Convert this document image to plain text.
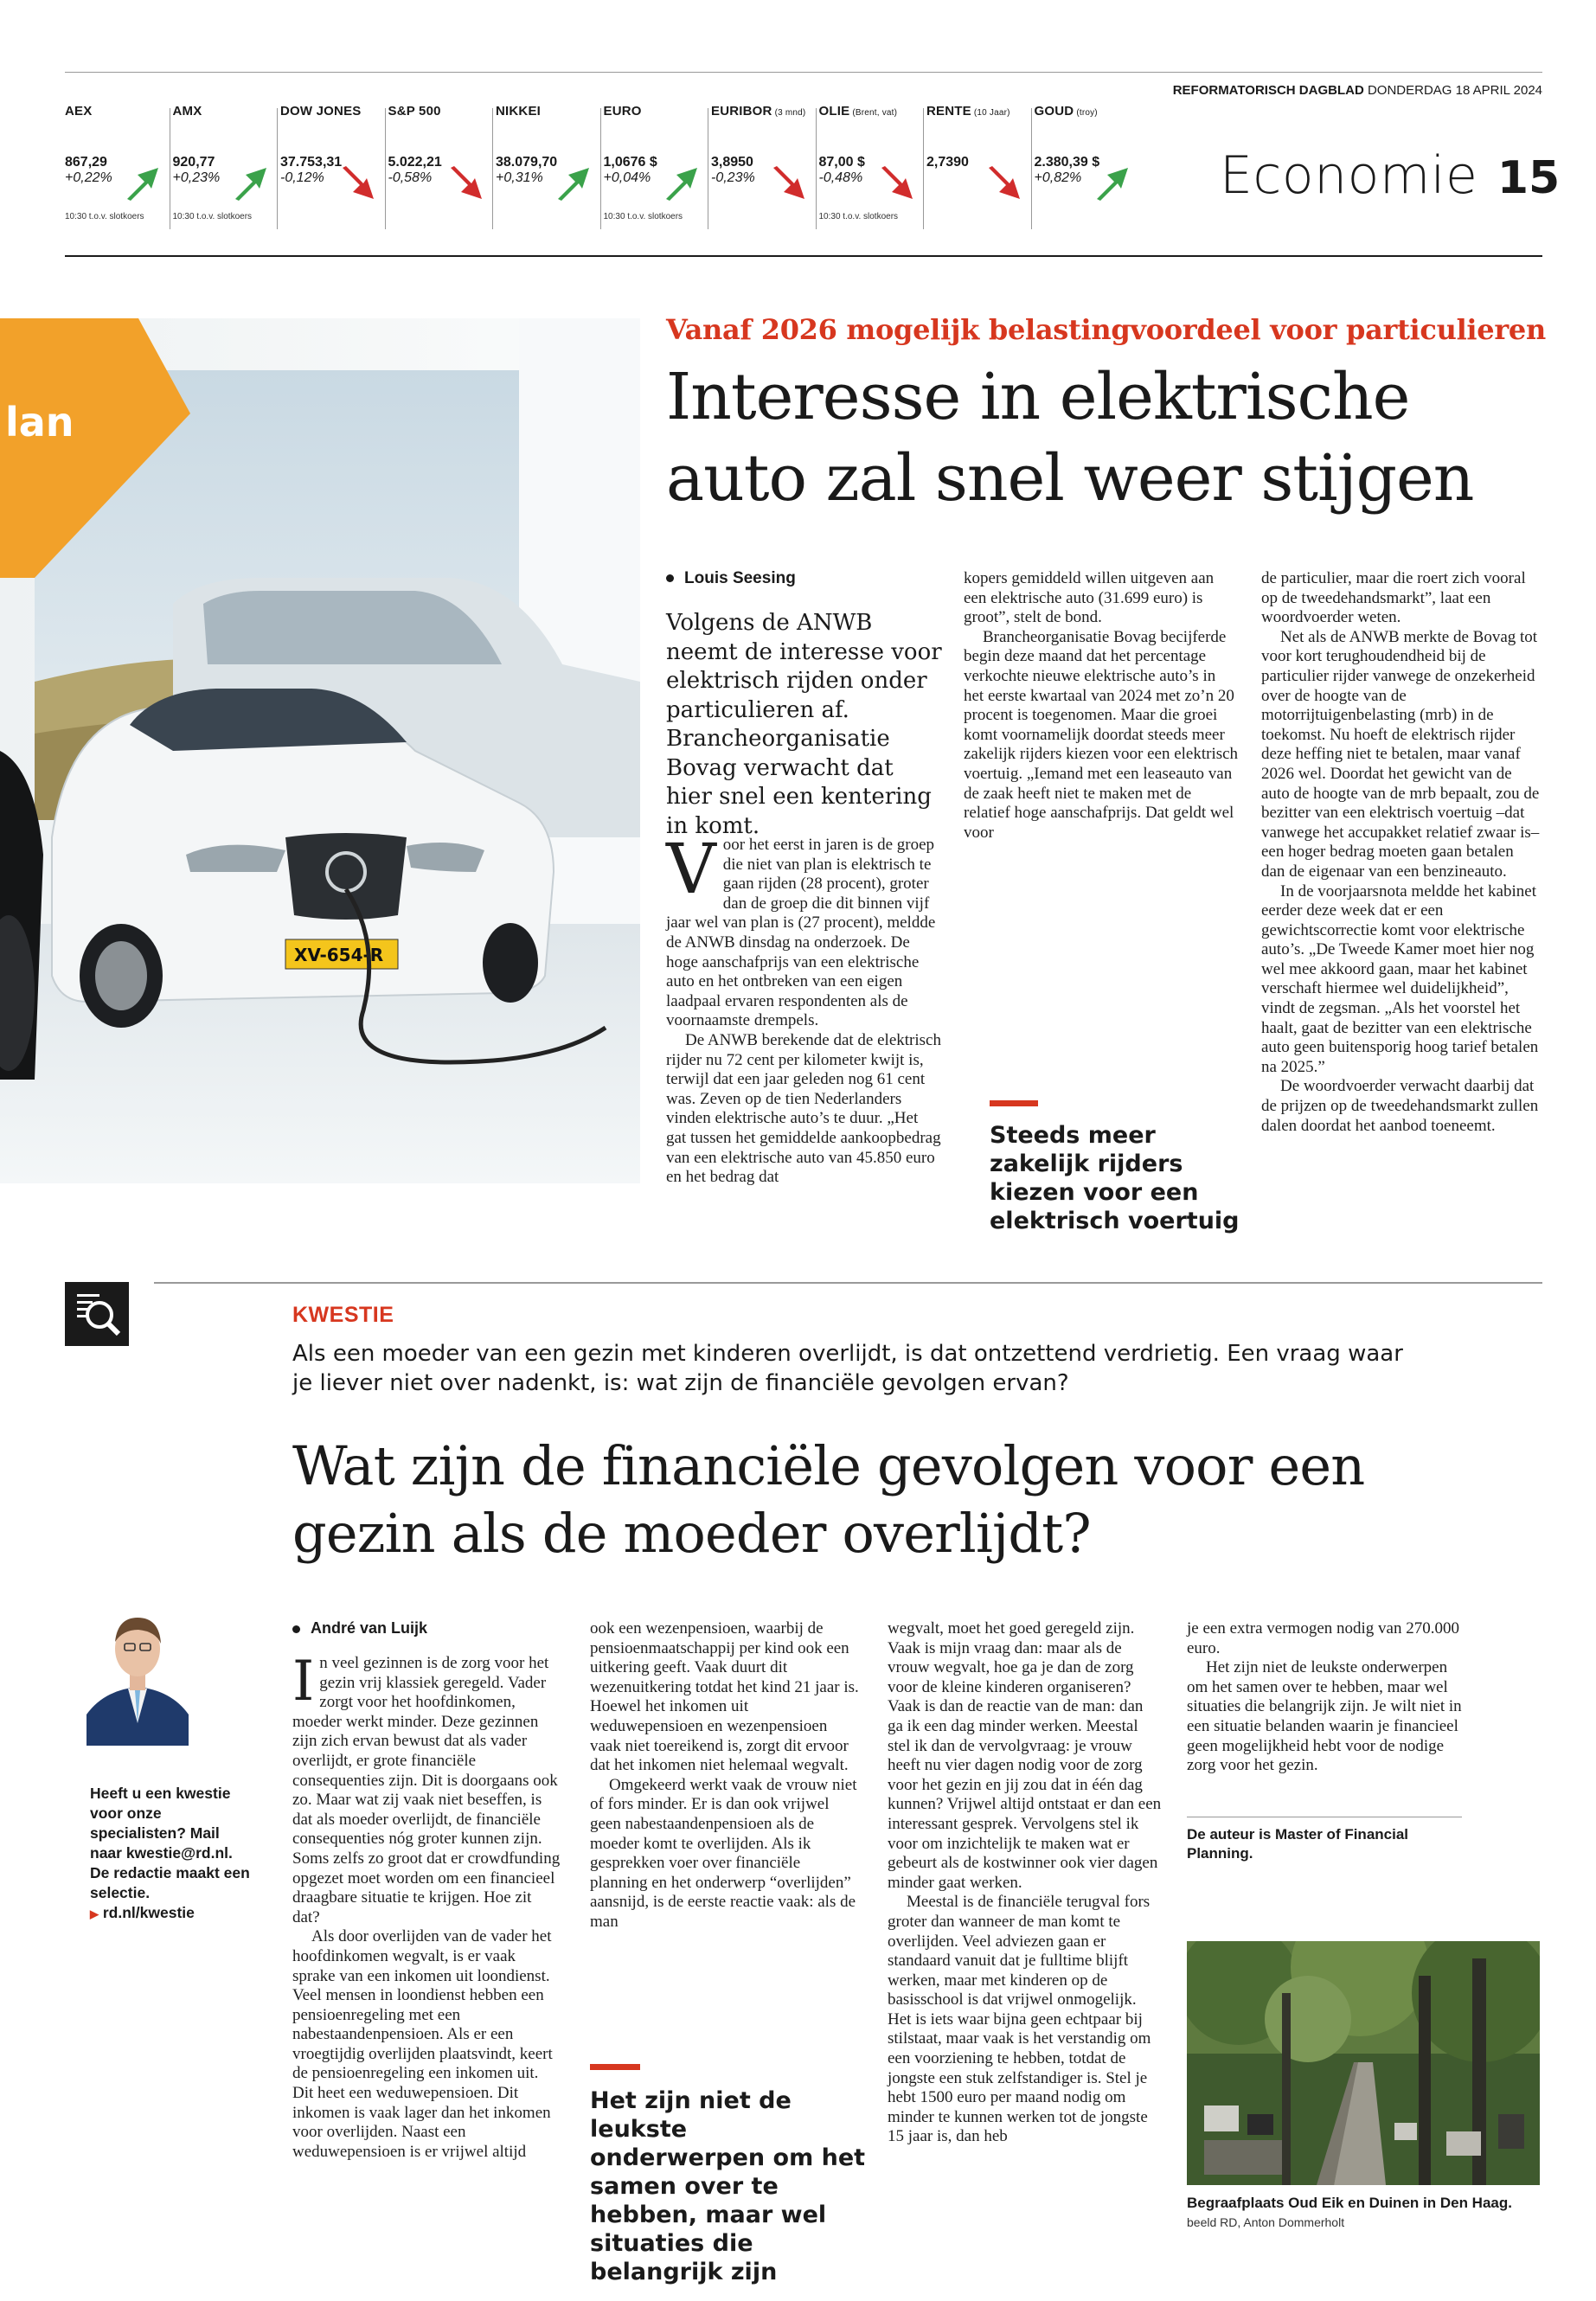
REFORMATORISCH DAGBLAD DONDERDAG 18 APRIL 2024
Economie 15
AEX
867,29
+0,22%
10:30 t.o.v. slotkoers
AMX
920,77
+0,23%
10:30 t.o.v. slotkoers
DOW JONES
37.753,31
-0,12%
S&P 500
5.022,21
-0,58%
NIKKEI
38.079,70
+0,31%
EURO
1,0676 $
+0,04%
10:30 t.o.v. slotkoers
EURIBOR (3 mnd)
3,8950
-0,23%
OLIE (Brent, vat)
87,00 $
-0,48%
10:30 t.o.v. slotkoers
RENTE (10 Jaar)
2,7390
GOUD (troy)
2.380,39 $
+0,82%
lan
XV-654-R
Vanaf 2026 mogelijk belastingvoordeel voor particulieren
Interesse in elektrische
auto zal snel weer stijgen
Louis Seesing
Volgens de ANWB neemt de interesse voor elektrisch rijden onder particulieren af. Brancheorganisatie Bovag verwacht dat hier snel een kentering in komt.

Voor het eerst in jaren is de groep die niet van plan is elektrisch te gaan rijden (28 procent), groter dan de groep die dit binnen vijf jaar wel van plan is (27 procent), meldde de ANWB dinsdag na onderzoek. De hoge aanschafprijs van een elektrische auto en het ontbreken van een eigen laadpaal ervaren respondenten als de voornaamste drempels.

De ANWB berekende dat de elektrisch rijder nu 72 cent per kilometer kwijt is, terwijl dat een jaar geleden nog 61 cent was. Zeven op de tien Nederlanders vinden elektrische auto’s te duur. „Het gat tussen het gemiddelde aankoopbedrag van een elektrische auto van 45.850 euro en het bedrag dat

kopers gemiddeld willen uitgeven aan een elektrische auto (31.699 euro) is groot”, stelt de bond.

Brancheorganisatie Bovag becijferde begin deze maand dat het percentage verkochte nieuwe elektrische auto’s in het eerste kwartaal van 2024 met zo’n 20 procent is toegenomen. Maar die groei komt voornamelijk doordat steeds meer zakelijk rijders kiezen voor een elektrisch voertuig. „Iemand met een leaseauto van de zaak heeft niet te maken met de relatief hoge aanschafprijs. Dat geldt wel voor

Steeds meer zakelijk rijders kiezen voor een elektrisch voertuig

de particulier, maar die roert zich vooral op de tweedehandsmarkt”, laat een woordvoerder weten.

Net als de ANWB merkte de Bovag tot voor kort terughoudendheid bij de particulier rijder vanwege de onzekerheid over de hoogte van de motorrijtuigenbelasting (mrb) in de toekomst. Nu hoeft de elektrisch rijder deze heffing niet te betalen, maar vanaf 2026 wel. Doordat het gewicht van de auto de hoogte van de mrb bepaalt, zou de bezitter van een elektrisch voertuig –dat vanwege het accupakket relatief zwaar is– een hoger bedrag moeten gaan betalen dan de eigenaar van een benzineauto.

In de voorjaarsnota meldde het kabinet eerder deze week dat er een gewichtscorrectie komt voor elektrische auto’s. „De Tweede Kamer moet hier nog wel mee akkoord gaan, maar het kabinet verschaft hiermee wel duidelijkheid”, vindt de zegsman. „Als het voorstel het haalt, gaat de bezitter van een elektrische auto geen buitensporig hoog tarief betalen na 2025.”

De woordvoerder verwacht daarbij dat de prijzen op de tweedehandsmarkt zullen dalen doordat het aanbod toeneemt.

KWESTIE
Als een moeder van een gezin met kinderen overlijdt, is dat ontzettend verdrietig. Een vraag waar je liever niet over nadenkt, is: wat zijn de financiële gevolgen ervan?
Wat zijn de financiële gevolgen voor een
gezin als de moeder overlijdt?
Heeft u een kwestie voor onze specialisten? Mail naar kwestie@rd.nl. De redactie maakt een selectie.
▶ rd.nl/kwestie
André van Luijk

In veel gezinnen is de zorg voor het gezin vrij klassiek geregeld. Vader zorgt voor het hoofdinkomen, moeder werkt minder. Deze gezinnen zijn zich ervan bewust dat als vader overlijdt, er grote financiële consequenties zijn. Dit is doorgaans ook zo. Maar wat zij vaak niet beseffen, is dat als moeder overlijdt, de financiële consequenties nóg groter kunnen zijn. Soms zelfs zo groot dat er crowdfunding opgezet moet worden om een financieel draagbare situatie te krijgen. Hoe zit dat?

Als door overlijden van de vader het hoofdinkomen wegvalt, is er vaak sprake van een inkomen uit loondienst. Veel mensen in loondienst hebben een pensioenregeling met een nabestaandenpensioen. Als er een vroegtijdig overlijden plaatsvindt, keert de pensioenregeling een inkomen uit. Dit heet een weduwepensioen. Dit inkomen is vaak lager dan het inkomen voor overlijden. Naast een weduwepensioen is er vrijwel altijd

ook een wezenpensioen, waarbij de pensioenmaatschappij per kind ook een uitkering geeft. Vaak duurt dit wezenuitkering totdat het kind 21 jaar is. Hoewel het inkomen uit weduwepensioen en wezenpensioen vaak niet toereikend is, zorgt dit ervoor dat het inkomen niet helemaal wegvalt.

Omgekeerd werkt vaak de vrouw niet of fors minder. Er is dan ook vrijwel geen nabestaandenpensioen als de moeder komt te overlijden. Als ik gesprekken voer over financiële planning en het onderwerp “overlijden” aansnijd, is de eerste reactie vaak: als de man

Het zijn niet de leukste onderwerpen om het samen over te hebben, maar wel situaties die belangrijk zijn

wegvalt, moet het goed geregeld zijn. Vaak is mijn vraag dan: maar als de vrouw wegvalt, hoe ga je dan de zorg voor de kleine kinderen organiseren? Vaak is dan de reactie van de man: dan ga ik een dag minder werken. Meestal stel ik dan de vervolgvraag: je vrouw heeft nu vier dagen nodig voor de zorg voor het gezin en jij zou dat in één dag kunnen? Vrijwel altijd ontstaat er dan een interessant gesprek. Vervolgens stel ik voor om inzichtelijk te maken wat er gebeurt als de kostwinner ook vier dagen minder gaat werken.

Meestal is de financiële terugval fors groter dan wanneer de man komt te overlijden. Veel adviezen gaan er standaard vanuit dat je fulltime blijft werken, maar met kinderen op de basisschool is dat vrijwel onmogelijk. Het is iets waar bijna geen echtpaar bij stilstaat, maar vaak is het verstandig om een voorziening te hebben, totdat de jongste een stuk zelfstandiger is. Stel je hebt 1500 euro per maand nodig om minder te kunnen werken tot de jongste 15 jaar is, dan heb

je een extra vermogen nodig van 270.000 euro.

Het zijn niet de leukste onderwerpen om het samen over te hebben, maar wel situaties die belangrijk zijn. Je wilt niet in een situatie belanden waarin je financieel geen mogelijkheid hebt voor de nodige zorg voor het gezin.

De auteur is Master of Financial Planning.
Begraafplaats Oud Eik en Duinen in Den Haag. beeld RD, Anton Dommerholt
